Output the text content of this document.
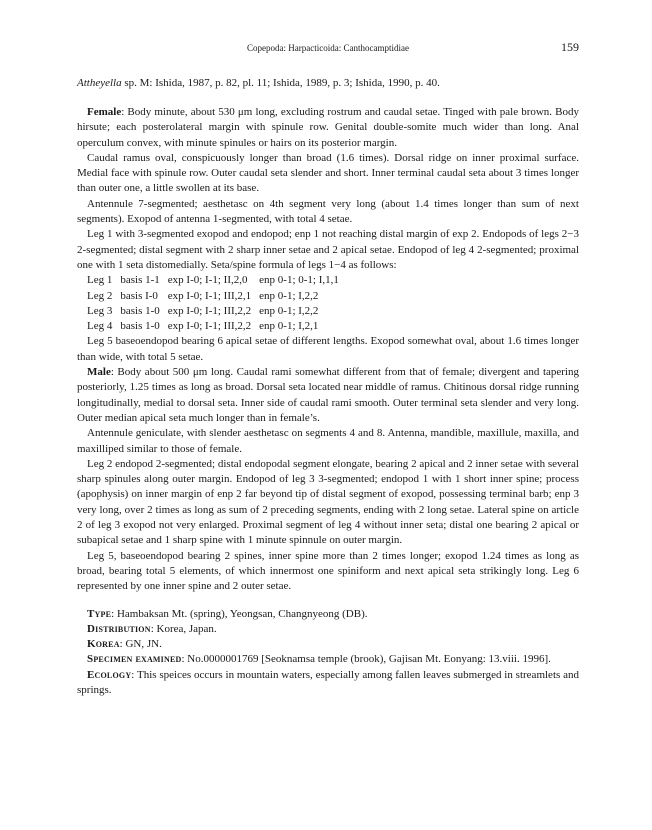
Copepoda: Harpacticoida: Canthocamptidiae	159
Attheyella sp. M: Ishida, 1987, p. 82, pl. 11; Ishida, 1989, p. 3; Ishida, 1990, p. 40.

Female: Body minute, about 530 μm long, excluding rostrum and caudal setae. Tinged with pale brown. Body hirsute; each posterolateral margin with spinule row. Genital double-somite much wider than long. Anal operculum convex, with minute spinules or hairs on its posterior margin.

Caudal ramus oval, conspicuously longer than broad (1.6 times). Dorsal ridge on inner proximal surface. Medial face with spinule row. Outer caudal seta slender and short. Inner terminal caudal seta about 3 times longer than outer one, a little swollen at its base.

Antennule 7-segmented; aesthetasc on 4th segment very long (about 1.4 times longer than sum of next segments). Exopod of antenna 1-segmented, with total 4 setae.

Leg 1 with 3-segmented exopod and endopod; enp 1 not reaching distal margin of exp 2. Endopods of legs 2−3 2-segmented; distal segment with 2 sharp inner setae and 2 apical setae. Endopod of leg 4 2-segmented; proximal one with 1 seta distomedially. Seta/spine formula of legs 1−4 as follows:

Leg 1	basis 1-1	exp I-0; I-1; II,2,0	enp 0-1; 0-1; I,1,1
Leg 2	basis I-0	exp I-0; I-1; III,2,1	enp 0-1; I,2,2
Leg 3	basis 1-0	exp I-0; I-1; III,2,2	enp 0-1; I,2,2
Leg 4	basis 1-0	exp I-0; I-1; III,2,2	enp 0-1; I,2,1

Leg 5 baseoendopod bearing 6 apical setae of different lengths. Exopod somewhat oval, about 1.6 times longer than wide, with total 5 setae.

Male: Body about 500 μm long. Caudal rami somewhat different from that of female; divergent and tapering posteriorly, 1.25 times as long as broad. Dorsal seta located near middle of ramus. Chitinous dorsal ridge running longitudinally, medial to dorsal seta. Inner side of caudal rami smooth. Outer terminal seta slender and very long. Outer median apical seta much longer than in female’s.

Antennule geniculate, with slender aesthetasc on segments 4 and 8. Antenna, mandible, maxillule, maxilla, and maxilliped similar to those of female.

Leg 2 endopod 2-segmented; distal endopodal segment elongate, bearing 2 apical and 2 inner setae with several sharp spinules along outer margin. Endopod of leg 3 3-segmented; endopod 1 with 1 short inner spine; process (apophysis) on inner margin of enp 2 far beyond tip of distal segment of exopod, possessing terminal barb; enp 3 very long, over 2 times as long as sum of 2 preceding segments, ending with 2 long setae. Lateral spine on article 2 of leg 3 exopod not very enlarged. Proximal segment of leg 4 without inner seta; distal one bearing 2 apical or subapical setae and 1 sharp spine with 1 minute spinnule on outer margin.

Leg 5, baseoendopod bearing 2 spines, inner spine more than 2 times longer; exopod 1.24 times as long as broad, bearing total 5 elements, of which innermost one spiniform and next apical seta strikingly long. Leg 6 represented by one inner spine and 2 outer setae.

Type: Hambaksan Mt. (spring), Yeongsan, Changnyeong (DB).

Distribution: Korea, Japan.

Korea: GN, JN.

Specimen examined: No.0000001769 [Seoknamsa temple (brook), Gajisan Mt. Eonyang: 13.viii. 1996].

Ecology: This speices occurs in mountain waters, especially among fallen leaves submerged in streamlets and springs.
